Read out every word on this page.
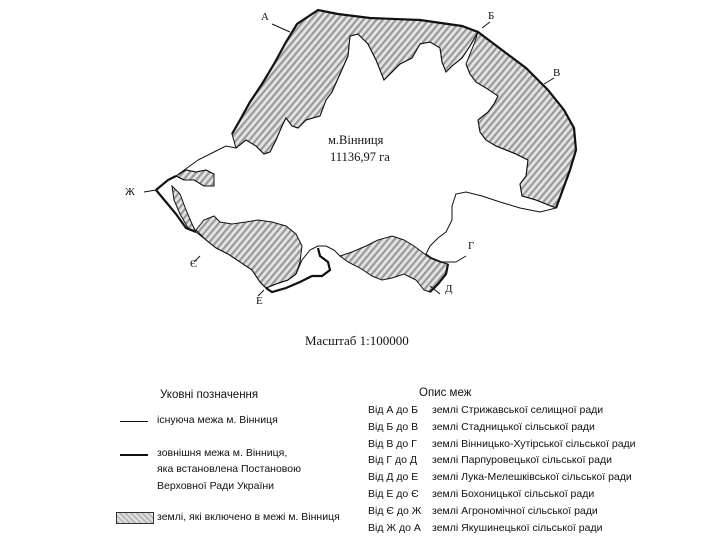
м.Вінниця
11136,97 га
А	Б
В
Г
Д
Е
Є
Ж
Масштаб 1:100000
Уковні позначення
існуюча межа м. Вінниця
зовнішня межа м. Вінниця,
яка встановлена Постановою
Верховної Ради України
землі, які включено в межі м. Вінниця
Опис меж
Від А до Б землі Стрижавської селищної ради
Від Б до В землі Стадницької сільської ради
Від В до Г землі Вінницько-Хутірської сільської ради
Від Г до Д землі Парпуровецької сільської ради
Від Д до Е землі Лука-Мелешківської сільської ради
Від Е до Є землі Бохоницької сільської ради
Від Є до Ж землі Агрономічної сільської ради
Від Ж до А землі Якушинецької сільської ради
